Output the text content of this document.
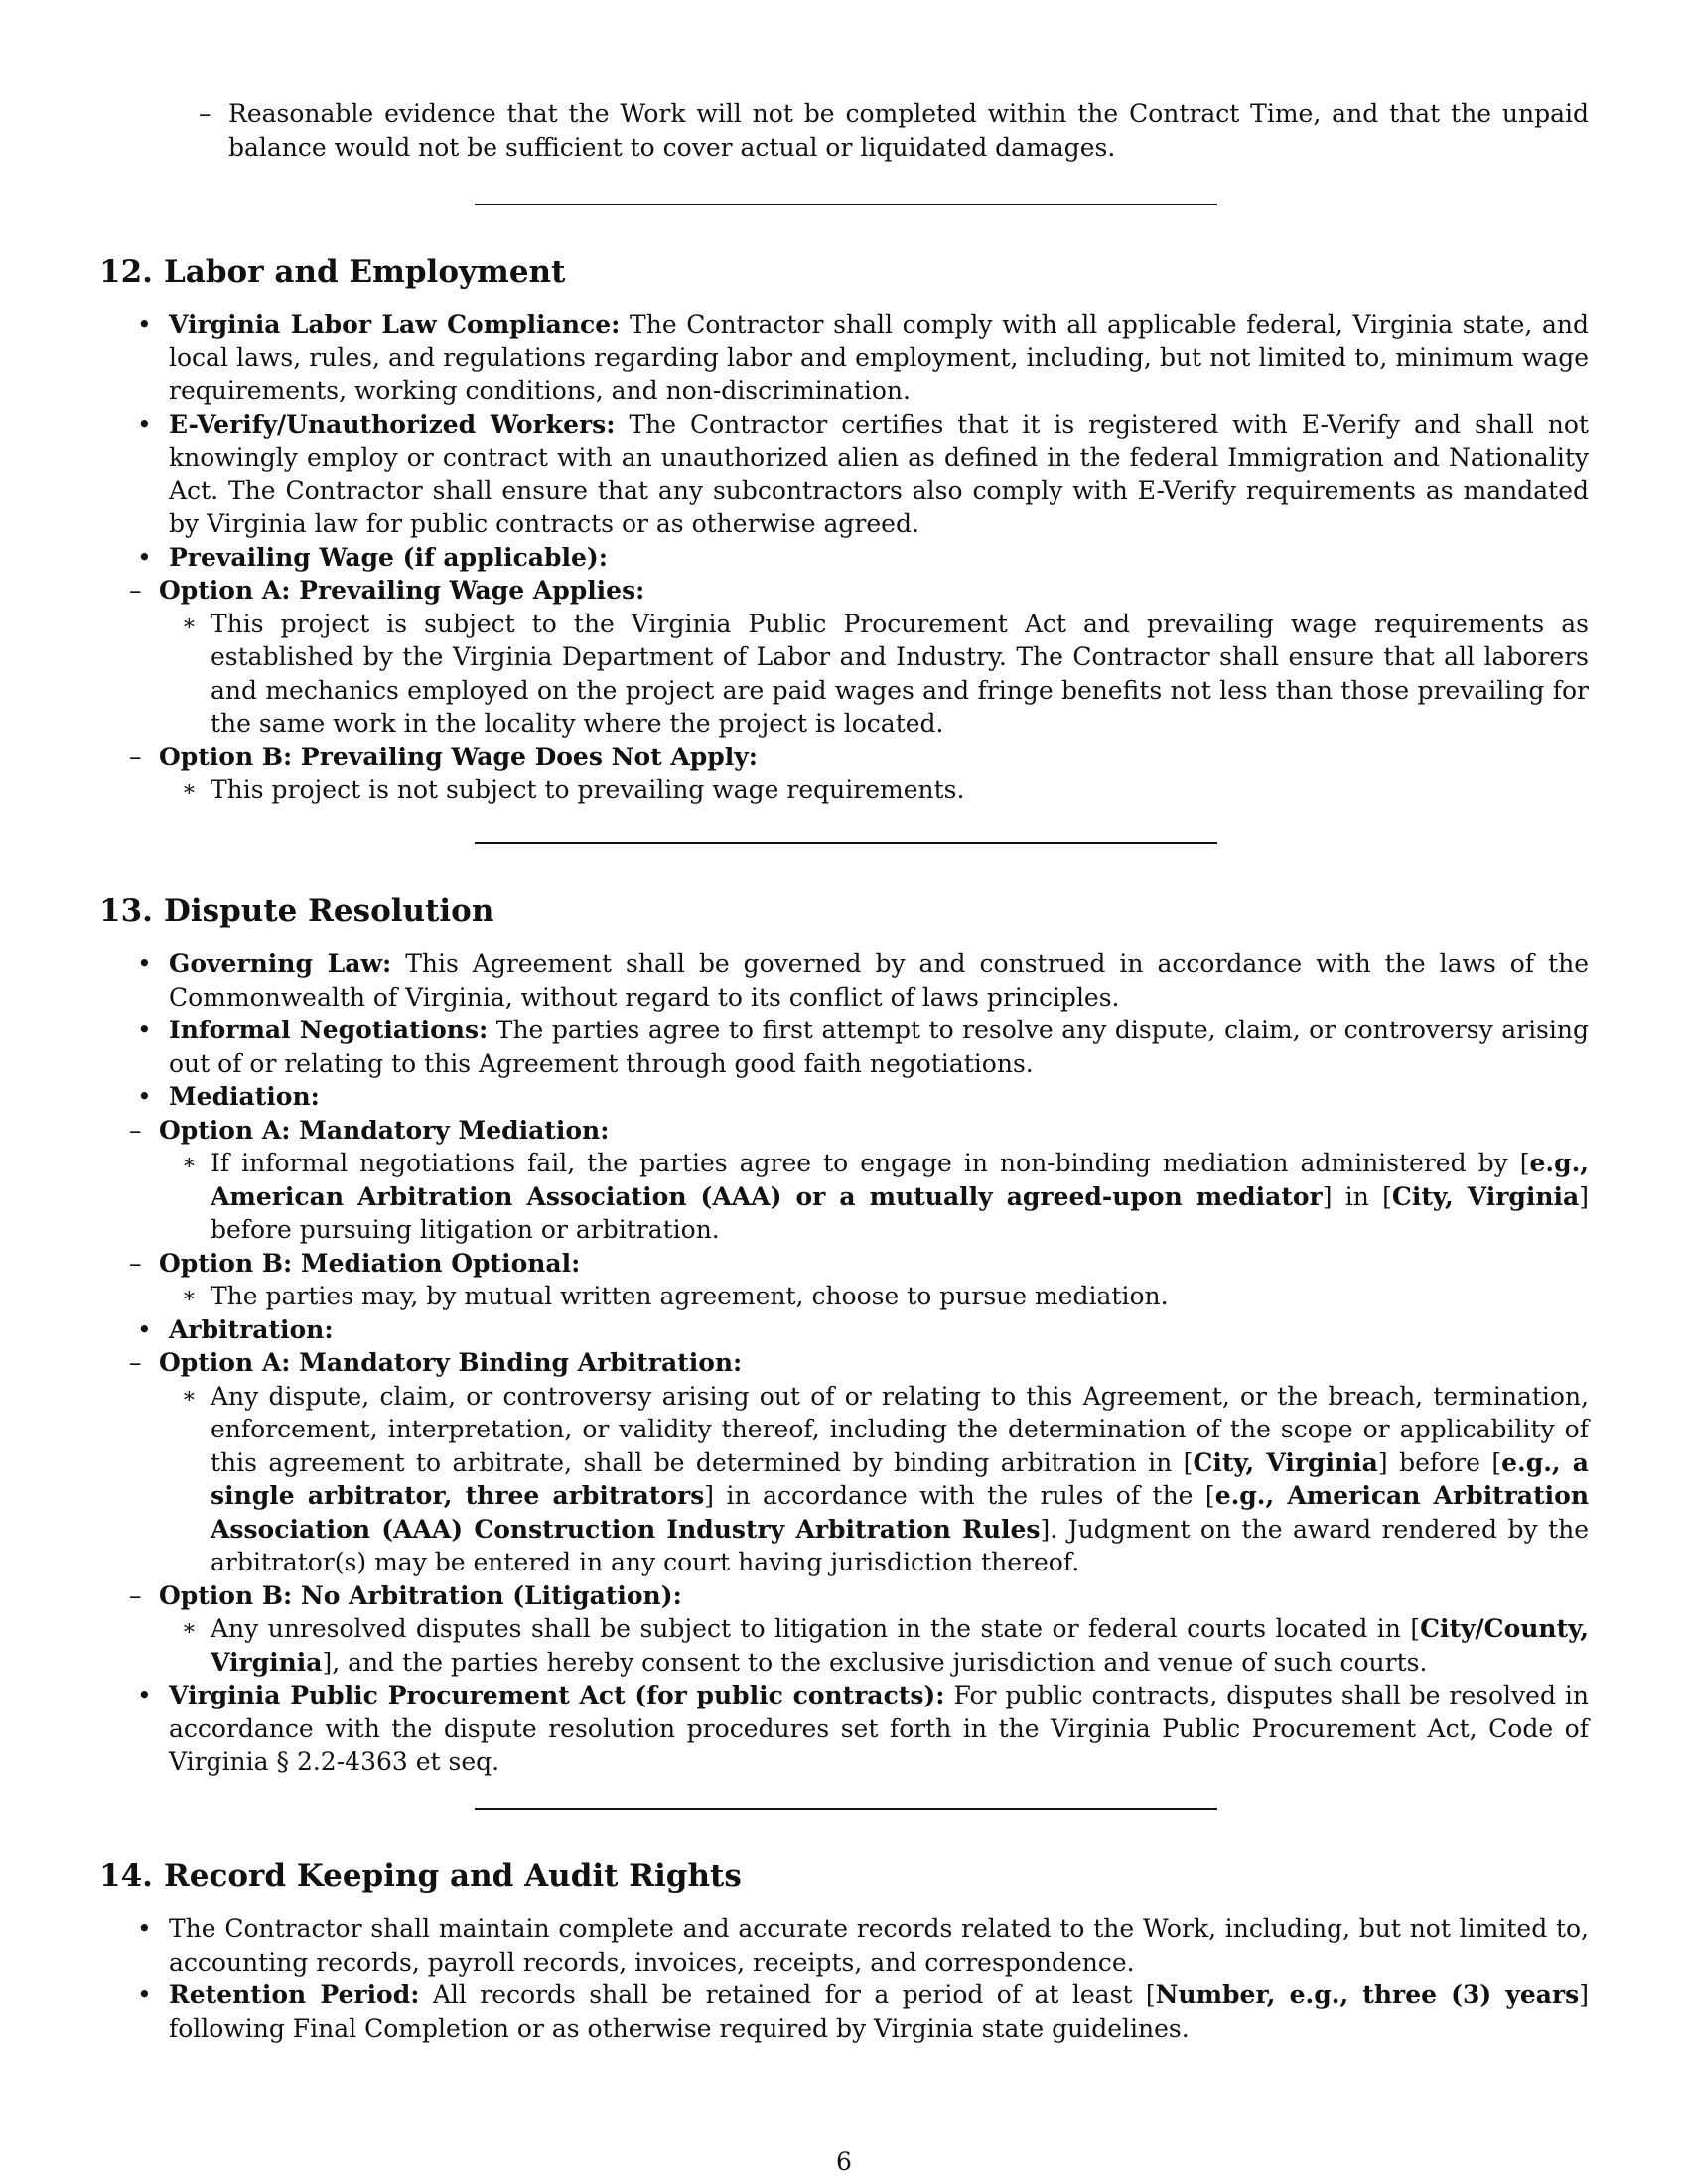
– Reasonable evidence that the Work will not be completed within the Contract Time, and that the unpaid balance would not be sufficient to cover actual or liquidated damages.
12. Labor and Employment
• Virginia Labor Law Compliance: The Contractor shall comply with all applicable federal, Virginia state, and local laws, rules, and regulations regarding labor and employment, including, but not limited to, minimum wage requirements, working conditions, and non-discrimination.
• E-Verify/Unauthorized Workers: The Contractor certifies that it is registered with E-Verify and shall not knowingly employ or contract with an unauthorized alien as defined in the federal Immigration and Nationality Act. The Contractor shall ensure that any subcontractors also comply with E-Verify requirements as mandated by Virginia law for public contracts or as otherwise agreed.
• Prevailing Wage (if applicable):
– Option A: Prevailing Wage Applies:
∗ This project is subject to the Virginia Public Procurement Act and prevailing wage requirements as established by the Virginia Department of Labor and Industry. The Contractor shall ensure that all laborers and mechanics employed on the project are paid wages and fringe benefits not less than those prevailing for the same work in the locality where the project is located.
– Option B: Prevailing Wage Does Not Apply:
∗ This project is not subject to prevailing wage requirements.
13. Dispute Resolution
• Governing Law: This Agreement shall be governed by and construed in accordance with the laws of the Commonwealth of Virginia, without regard to its conflict of laws principles.
• Informal Negotiations: The parties agree to first attempt to resolve any dispute, claim, or controversy arising out of or relating to this Agreement through good faith negotiations.
• Mediation:
– Option A: Mandatory Mediation:
∗ If informal negotiations fail, the parties agree to engage in non-binding mediation administered by [e.g., American Arbitration Association (AAA) or a mutually agreed-upon mediator] in [City, Virginia] before pursuing litigation or arbitration.
– Option B: Mediation Optional:
∗ The parties may, by mutual written agreement, choose to pursue mediation.
• Arbitration:
– Option A: Mandatory Binding Arbitration:
∗ Any dispute, claim, or controversy arising out of or relating to this Agreement, or the breach, termination, enforcement, interpretation, or validity thereof, including the determination of the scope or applicability of this agreement to arbitrate, shall be determined by binding arbitration in [City, Virginia] before [e.g., a single arbitrator, three arbitrators] in accordance with the rules of the [e.g., American Arbitration Association (AAA) Construction Industry Arbitration Rules]. Judgment on the award rendered by the arbitrator(s) may be entered in any court having jurisdiction thereof.
– Option B: No Arbitration (Litigation):
∗ Any unresolved disputes shall be subject to litigation in the state or federal courts located in [City/County, Virginia], and the parties hereby consent to the exclusive jurisdiction and venue of such courts.
• Virginia Public Procurement Act (for public contracts): For public contracts, disputes shall be resolved in accordance with the dispute resolution procedures set forth in the Virginia Public Procurement Act, Code of Virginia § 2.2-4363 et seq.
14. Record Keeping and Audit Rights
• The Contractor shall maintain complete and accurate records related to the Work, including, but not limited to, accounting records, payroll records, invoices, receipts, and correspondence.
• Retention Period: All records shall be retained for a period of at least [Number, e.g., three (3) years] following Final Completion or as otherwise required by Virginia state guidelines.
6
